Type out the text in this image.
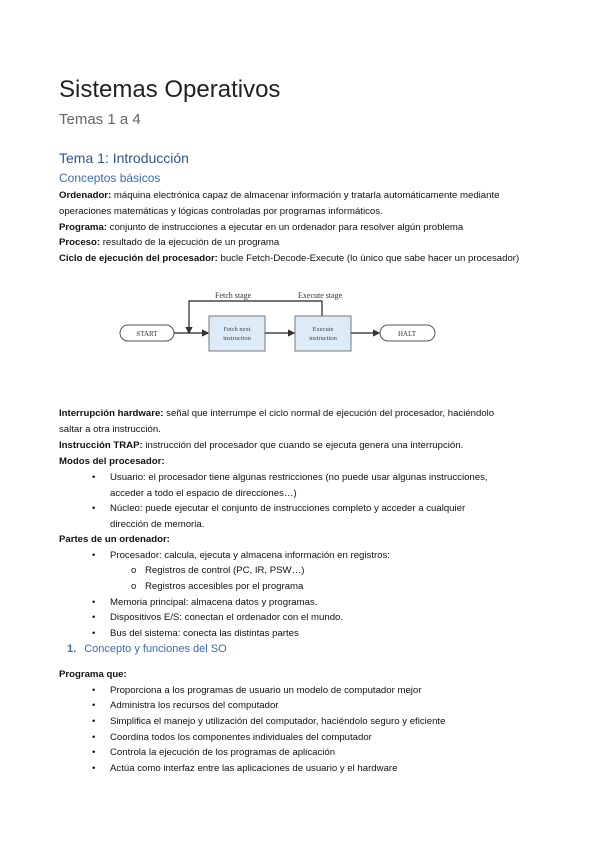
Sistemas Operativos
Temas 1 a 4
Tema 1: Introducción
Conceptos básicos
Ordenador: máquina electrónica capaz de almacenar información y tratarla automáticamente mediante
operaciones matemáticas y lógicas controladas por programas informáticos.
Programa: conjunto de instrucciones a ejecutar en un ordenador para resolver algún problema
Proceso: resultado de la ejecución de un programa
Ciclo de ejecución del procesador: bucle Fetch-Decode-Execute (lo único que sabe hacer un procesador)
Fetch stage	Execute stage
START
Fetch next
instruction
Execute
instruction
HALT
Interrupción hardware: señal que interrumpe el ciclo normal de ejecución del procesador, haciéndolo
saltar a otra instrucción.
Instrucción TRAP: instrucción del procesador que cuando se ejecuta genera una interrupción.
Modos del procesador:
• Usuario: el procesador tiene algunas restricciones (no puede usar algunas instrucciones,
acceder a todo el espacio de direcciones…)
• Núcleo: puede ejecutar el conjunto de instrucciones completo y acceder a cualquier
dirección de memoria.
Partes de un ordenador:
• Procesador: calcula, ejecuta y almacena información en registros:
o Registros de control (PC, IR, PSW…)
o Registros accesibles por el programa
• Memoria principal: almacena datos y programas.
• Dispositivos E/S: conectan el ordenador con el mundo.
• Bus del sistema: conecta las distintas partes
1. Concepto y funciones del SO
Programa que:
• Proporciona a los programas de usuario un modelo de computador mejor
• Administra los recursos del computador
• Simplifica el manejo y utilización del computador, haciéndolo seguro y eficiente
• Coordina todos los componentes individuales del computador
• Controla la ejecución de los programas de aplicación
• Actúa como interfaz entre las aplicaciones de usuario y el hardware
